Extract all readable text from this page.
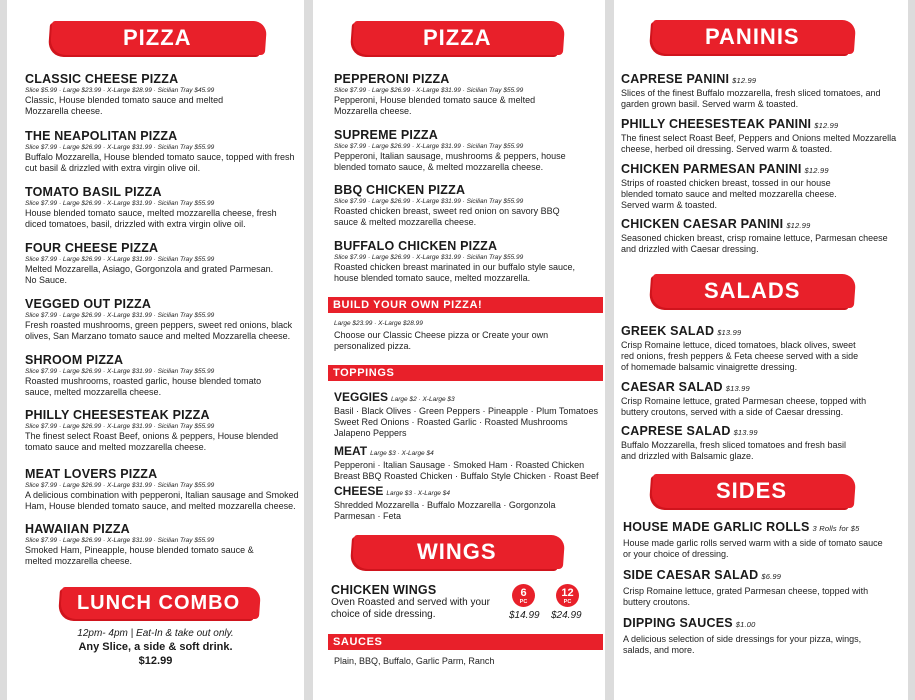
PIZZA
CLASSIC CHEESE PIZZA
Slice $5.99 · Large $23.99 · X-Large $28.99 · Sicilian Tray $45.99
Classic, House blended tomato sauce and melted Mozzarella cheese.
THE NEAPOLITAN PIZZA
Slice $7.99 · Large $26.99 · X-Large $31.99 · Sicilian Tray $55.99
Buffalo Mozzarella, House blended tomato sauce, topped with fresh cut basil & drizzled with extra virgin olive oil.
TOMATO BASIL PIZZA
Slice $7.99 · Large $26.99 · X-Large $31.99 · Sicilian Tray $55.99
House blended tomato sauce, melted mozzarella cheese, fresh diced tomatoes, basil, drizzled with extra virgin olive oil.
FOUR CHEESE PIZZA
Slice $7.99 · Large $26.99 · X-Large $31.99 · Sicilian Tray $55.99
Melted Mozzarella, Asiago, Gorgonzola and grated Parmesan. No Sauce.
VEGGED OUT PIZZA
Slice $7.99 · Large $26.99 · X-Large $31.99 · Sicilian Tray $55.99
Fresh roasted mushrooms, green peppers, sweet red onions, black olives, San Marzano tomato sauce and melted Mozzarella cheese.
SHROOM PIZZA
Slice $7.99 · Large $26.99 · X-Large $31.99 · Sicilian Tray $55.99
Roasted mushrooms, roasted garlic, house blended tomato sauce, melted mozzarella cheese.
PHILLY CHEESESTEAK PIZZA
Slice $7.99 · Large $26.99 · X-Large $31.99 · Sicilian Tray $55.99
The finest select Roast Beef, onions & peppers, House blended tomato sauce and melted mozzarella cheese.
MEAT LOVERS PIZZA
Slice $7.99 · Large $26.99 · X-Large $31.99 · Sicilian Tray $55.99
A delicious combination with pepperoni, Italian sausage and Smoked Ham, House blended tomato sauce, and melted mozzarella cheese.
HAWAIIAN PIZZA
Slice $7.99 · Large $26.99 · X-Large $31.99 · Sicilian Tray $55.99
Smoked Ham, Pineapple, house blended tomato sauce & melted mozzarella cheese.
LUNCH COMBO
12pm- 4pm | Eat-In & take out only.
Any Slice, a side & soft drink.
$12.99
PIZZA
PEPPERONI PIZZA
Slice $7.99 · Large $26.99 · X-Large $31.99 · Sicilian Tray $55.99
Pepperoni, House blended tomato sauce & melted Mozzarella cheese.
SUPREME PIZZA
Slice $7.99 · Large $26.99 · X-Large $31.99 · Sicilian Tray $55.99
Pepperoni, Italian sausage, mushrooms & peppers, house blended tomato sauce, & melted mozzarella cheese.
BBQ CHICKEN PIZZA
Slice $7.99 · Large $26.99 · X-Large $31.99 · Sicilian Tray $55.99
Roasted chicken breast, sweet red onion on savory BBQ sauce & melted mozzarella cheese.
BUFFALO CHICKEN PIZZA
Slice $7.99 · Large $26.99 · X-Large $31.99 · Sicilian Tray $55.99
Roasted chicken breast marinated in our buffalo style sauce, house blended tomato sauce, melted mozzarella.
BUILD YOUR OWN PIZZA!
Large $23.99 · X-Large $28.99
Choose our Classic Cheese pizza or Create your own personalized pizza.
TOPPINGS
VEGGIES Large $2 · X-Large $3
Basil · Black Olives · Green Peppers · Pineapple · Plum Tomatoes Sweet Red Onions · Roasted Garlic · Roasted Mushrooms Jalapeno Peppers
MEAT Large $3 · X-Large $4
Pepperoni · Italian Sausage · Smoked Ham · Roasted Chicken Breast BBQ Roasted Chicken · Buffalo Style Chicken · Roast Beef
CHEESE Large $3 · X-Large $4
Shredded Mozzarella · Buffalo Mozzarella · Gorgonzola Parmesan · Feta
WINGS
CHICKEN WINGS
Oven Roasted and served with your choice of side dressing.
6
PC
$14.99
12
PC
$24.99
SAUCES
Plain, BBQ, Buffalo, Garlic Parm, Ranch
PANINIS
CAPRESE PANINI $12.99
Slices of the finest Buffalo mozzarella, fresh sliced tomatoes, and garden grown basil. Served warm & toasted.
PHILLY CHEESESTEAK PANINI $12.99
The finest select Roast Beef, Peppers and Onions melted Mozzarella cheese, herbed oil dressing. Served warm & toasted.
CHICKEN PARMESAN PANINI $12.99
Strips of roasted chicken breast, tossed in our house blended tomato sauce and melted mozzarella cheese. Served warm & toasted.
CHICKEN CAESAR PANINI $12.99
Seasoned chicken breast, crisp romaine lettuce, Parmesan cheese and drizzled with Caesar dressing.
SALADS
GREEK SALAD $13.99
Crisp Romaine lettuce, diced tomatoes, black olives, sweet red onions, fresh peppers & Feta cheese served with a side of homemade balsamic vinaigrette dressing.
CAESAR SALAD $13.99
Crisp Romaine lettuce, grated Parmesan cheese, topped with buttery croutons, served with a side of Caesar dressing.
CAPRESE SALAD $13.99
Buffalo Mozzarella, fresh sliced tomatoes and fresh basil and drizzled with Balsamic glaze.
SIDES
HOUSE MADE GARLIC ROLLS 3 Rolls for $5
House made garlic rolls served warm with a side of tomato sauce or your choice of dressing.
SIDE CAESAR SALAD $6.99
Crisp Romaine lettuce, grated Parmesan cheese, topped with buttery croutons.
DIPPING SAUCES $1.00
A delicious selection of side dressings for your pizza, wings, salads, and more.
